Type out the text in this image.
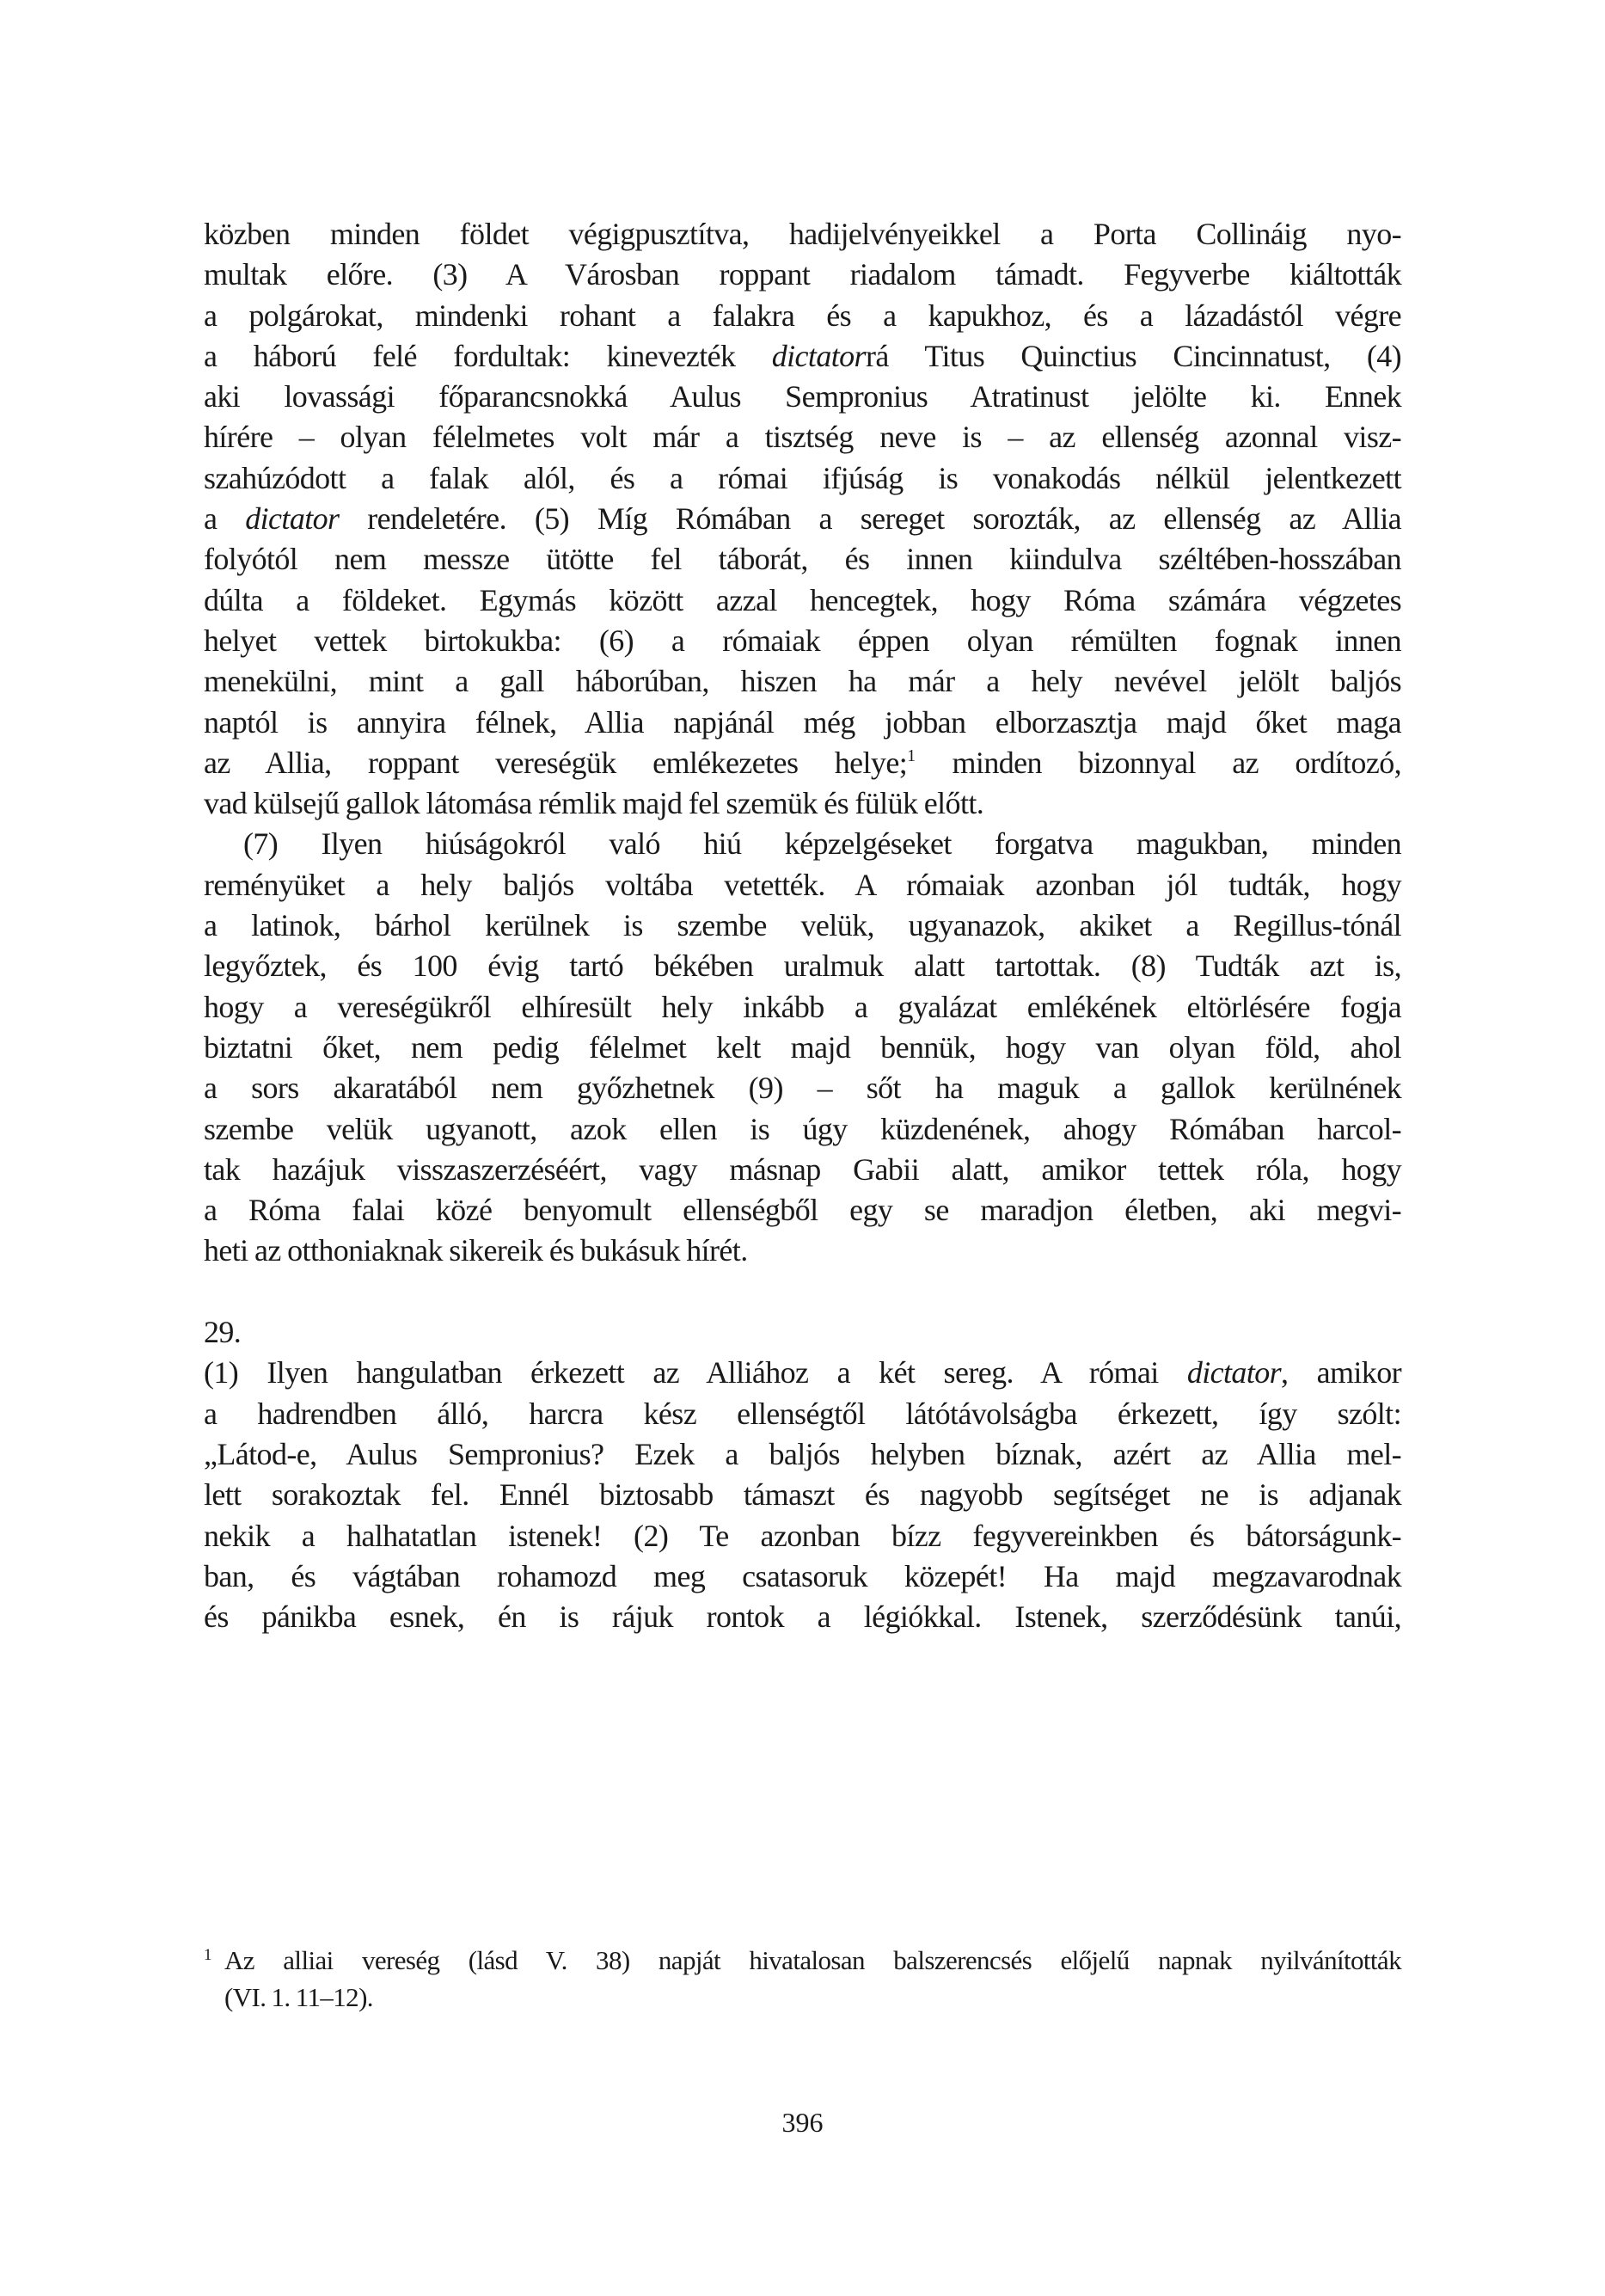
közben minden földet végigpusztítva, hadijelvényeikkel a Porta Collináig nyo-
multak előre. (3) A Városban roppant riadalom támadt. Fegyverbe kiáltották
a polgárokat, mindenki rohant a falakra és a kapukhoz, és a lázadástól végre
a háború felé fordultak: kinevezték dictatorrá Titus Quinctius Cincinnatust, (4)
aki lovassági főparancsnokká Aulus Sempronius Atratinust jelölte ki. Ennek
hírére – olyan félelmetes volt már a tisztség neve is – az ellenség azonnal visz-
szahúzódott a falak alól, és a római ifjúság is vonakodás nélkül jelentkezett
a dictator rendeletére. (5) Míg Rómában a sereget sorozták, az ellenség az Allia
folyótól nem messze ütötte fel táborát, és innen kiindulva széltében-hosszában
dúlta a földeket. Egymás között azzal hencegtek, hogy Róma számára végzetes
helyet vettek birtokukba: (6) a rómaiak éppen olyan rémülten fognak innen
menekülni, mint a gall háborúban, hiszen ha már a hely nevével jelölt baljós
naptól is annyira félnek, Allia napjánál még jobban elborzasztja majd őket maga
az Allia, roppant vereségük emlékezetes helye;$^1$ minden bizonnyal az ordítozó,
vad külsejű gallok látomása rémlik majd fel szemük és fülük előtt.
(7) Ilyen hiúságokról való hiú képzelgéseket forgatva magukban, minden
reményüket a hely baljós voltába vetették. A rómaiak azonban jól tudták, hogy
a latinok, bárhol kerülnek is szembe velük, ugyanazok, akiket a Regillus-tónál
legyőztek, és 100 évig tartó békében uralmuk alatt tartottak. (8) Tudták azt is,
hogy a vereségükről elhíresült hely inkább a gyalázat emlékének eltörlésére fogja
biztatni őket, nem pedig félelmet kelt majd bennük, hogy van olyan föld, ahol
a sors akaratából nem győzhetnek (9) – sőt ha maguk a gallok kerülnének
szembe velük ugyanott, azok ellen is úgy küzdenének, ahogy Rómában harcol-
tak hazájuk visszaszerzéséért, vagy másnap Gabii alatt, amikor tettek róla, hogy
a Róma falai közé benyomult ellenségből egy se maradjon életben, aki megvi-
heti az otthoniaknak sikereik és bukásuk hírét.
29.
(1) Ilyen hangulatban érkezett az Alliához a két sereg. A római dictator, amikor
a hadrendben álló, harcra kész ellenségtől látótávolságba érkezett, így szólt:
„Látod-e, Aulus Sempronius? Ezek a baljós helyben bíznak, azért az Allia mel-
lett sorakoztak fel. Ennél biztosabb támaszt és nagyobb segítséget ne is adjanak
nekik a halhatatlan istenek! (2) Te azonban bízz fegyvereinkben és bátorságunk-
ban, és vágtában rohamozd meg csatasoruk közepét! Ha majd megzavarodnak
és pánikba esnek, én is rájuk rontok a légiókkal. Istenek, szerződésünk tanúi,
1 Az alliai vereség (lásd V. 38) napját hivatalosan balszerencsés előjelű napnak nyilvánították
(VI. 1. 11–12).
396
